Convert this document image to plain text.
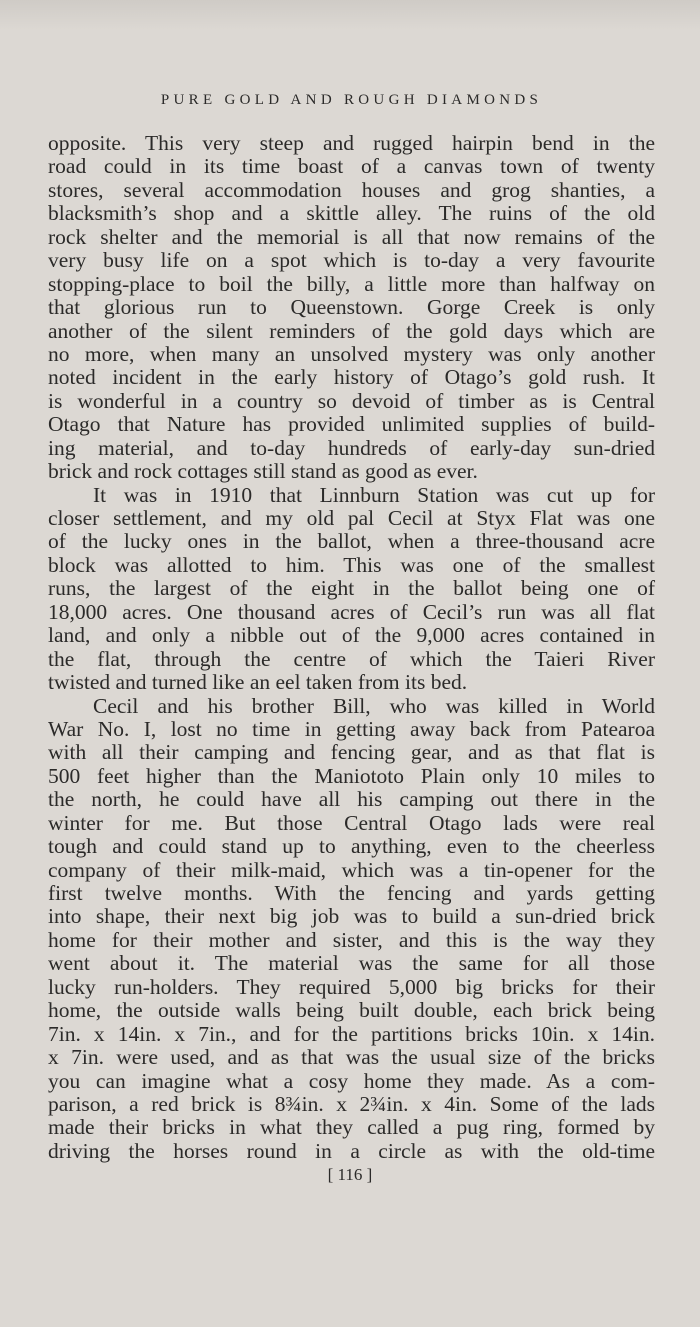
PURE GOLD AND ROUGH DIAMONDS
opposite. This very steep and rugged hairpin bend in the
road could in its time boast of a canvas town of twenty
stores, several accommodation houses and grog shanties, a
blacksmith’s shop and a skittle alley. The ruins of the old
rock shelter and the memorial is all that now remains of the
very busy life on a spot which is to-day a very favourite
stopping-place to boil the billy, a little more than halfway on
that glorious run to Queenstown. Gorge Creek is only
another of the silent reminders of the gold days which are
no more, when many an unsolved mystery was only another
noted incident in the early history of Otago’s gold rush. It
is wonderful in a country so devoid of timber as is Central
Otago that Nature has provided unlimited supplies of build-
ing material, and to-day hundreds of early-day sun-dried
brick and rock cottages still stand as good as ever.
It was in 1910 that Linnburn Station was cut up for
closer settlement, and my old pal Cecil at Styx Flat was one
of the lucky ones in the ballot, when a three-thousand acre
block was allotted to him. This was one of the smallest
runs, the largest of the eight in the ballot being one of
18,000 acres. One thousand acres of Cecil’s run was all flat
land, and only a nibble out of the 9,000 acres contained in
the flat, through the centre of which the Taieri River
twisted and turned like an eel taken from its bed.
Cecil and his brother Bill, who was killed in World
War No. I, lost no time in getting away back from Patearoa
with all their camping and fencing gear, and as that flat is
500 feet higher than the Maniototo Plain only 10 miles to
the north, he could have all his camping out there in the
winter for me. But those Central Otago lads were real
tough and could stand up to anything, even to the cheerless
company of their milk-maid, which was a tin-opener for the
first twelve months. With the fencing and yards getting
into shape, their next big job was to build a sun-dried brick
home for their mother and sister, and this is the way they
went about it. The material was the same for all those
lucky run-holders. They required 5,000 big bricks for their
home, the outside walls being built double, each brick being
7in. x 14in. x 7in., and for the partitions bricks 10in. x 14in.
x 7in. were used, and as that was the usual size of the bricks
you can imagine what a cosy home they made. As a com-
parison, a red brick is 8¾in. x 2¾in. x 4in. Some of the lads
made their bricks in what they called a pug ring, formed by
driving the horses round in a circle as with the old-time
[ 116 ]
